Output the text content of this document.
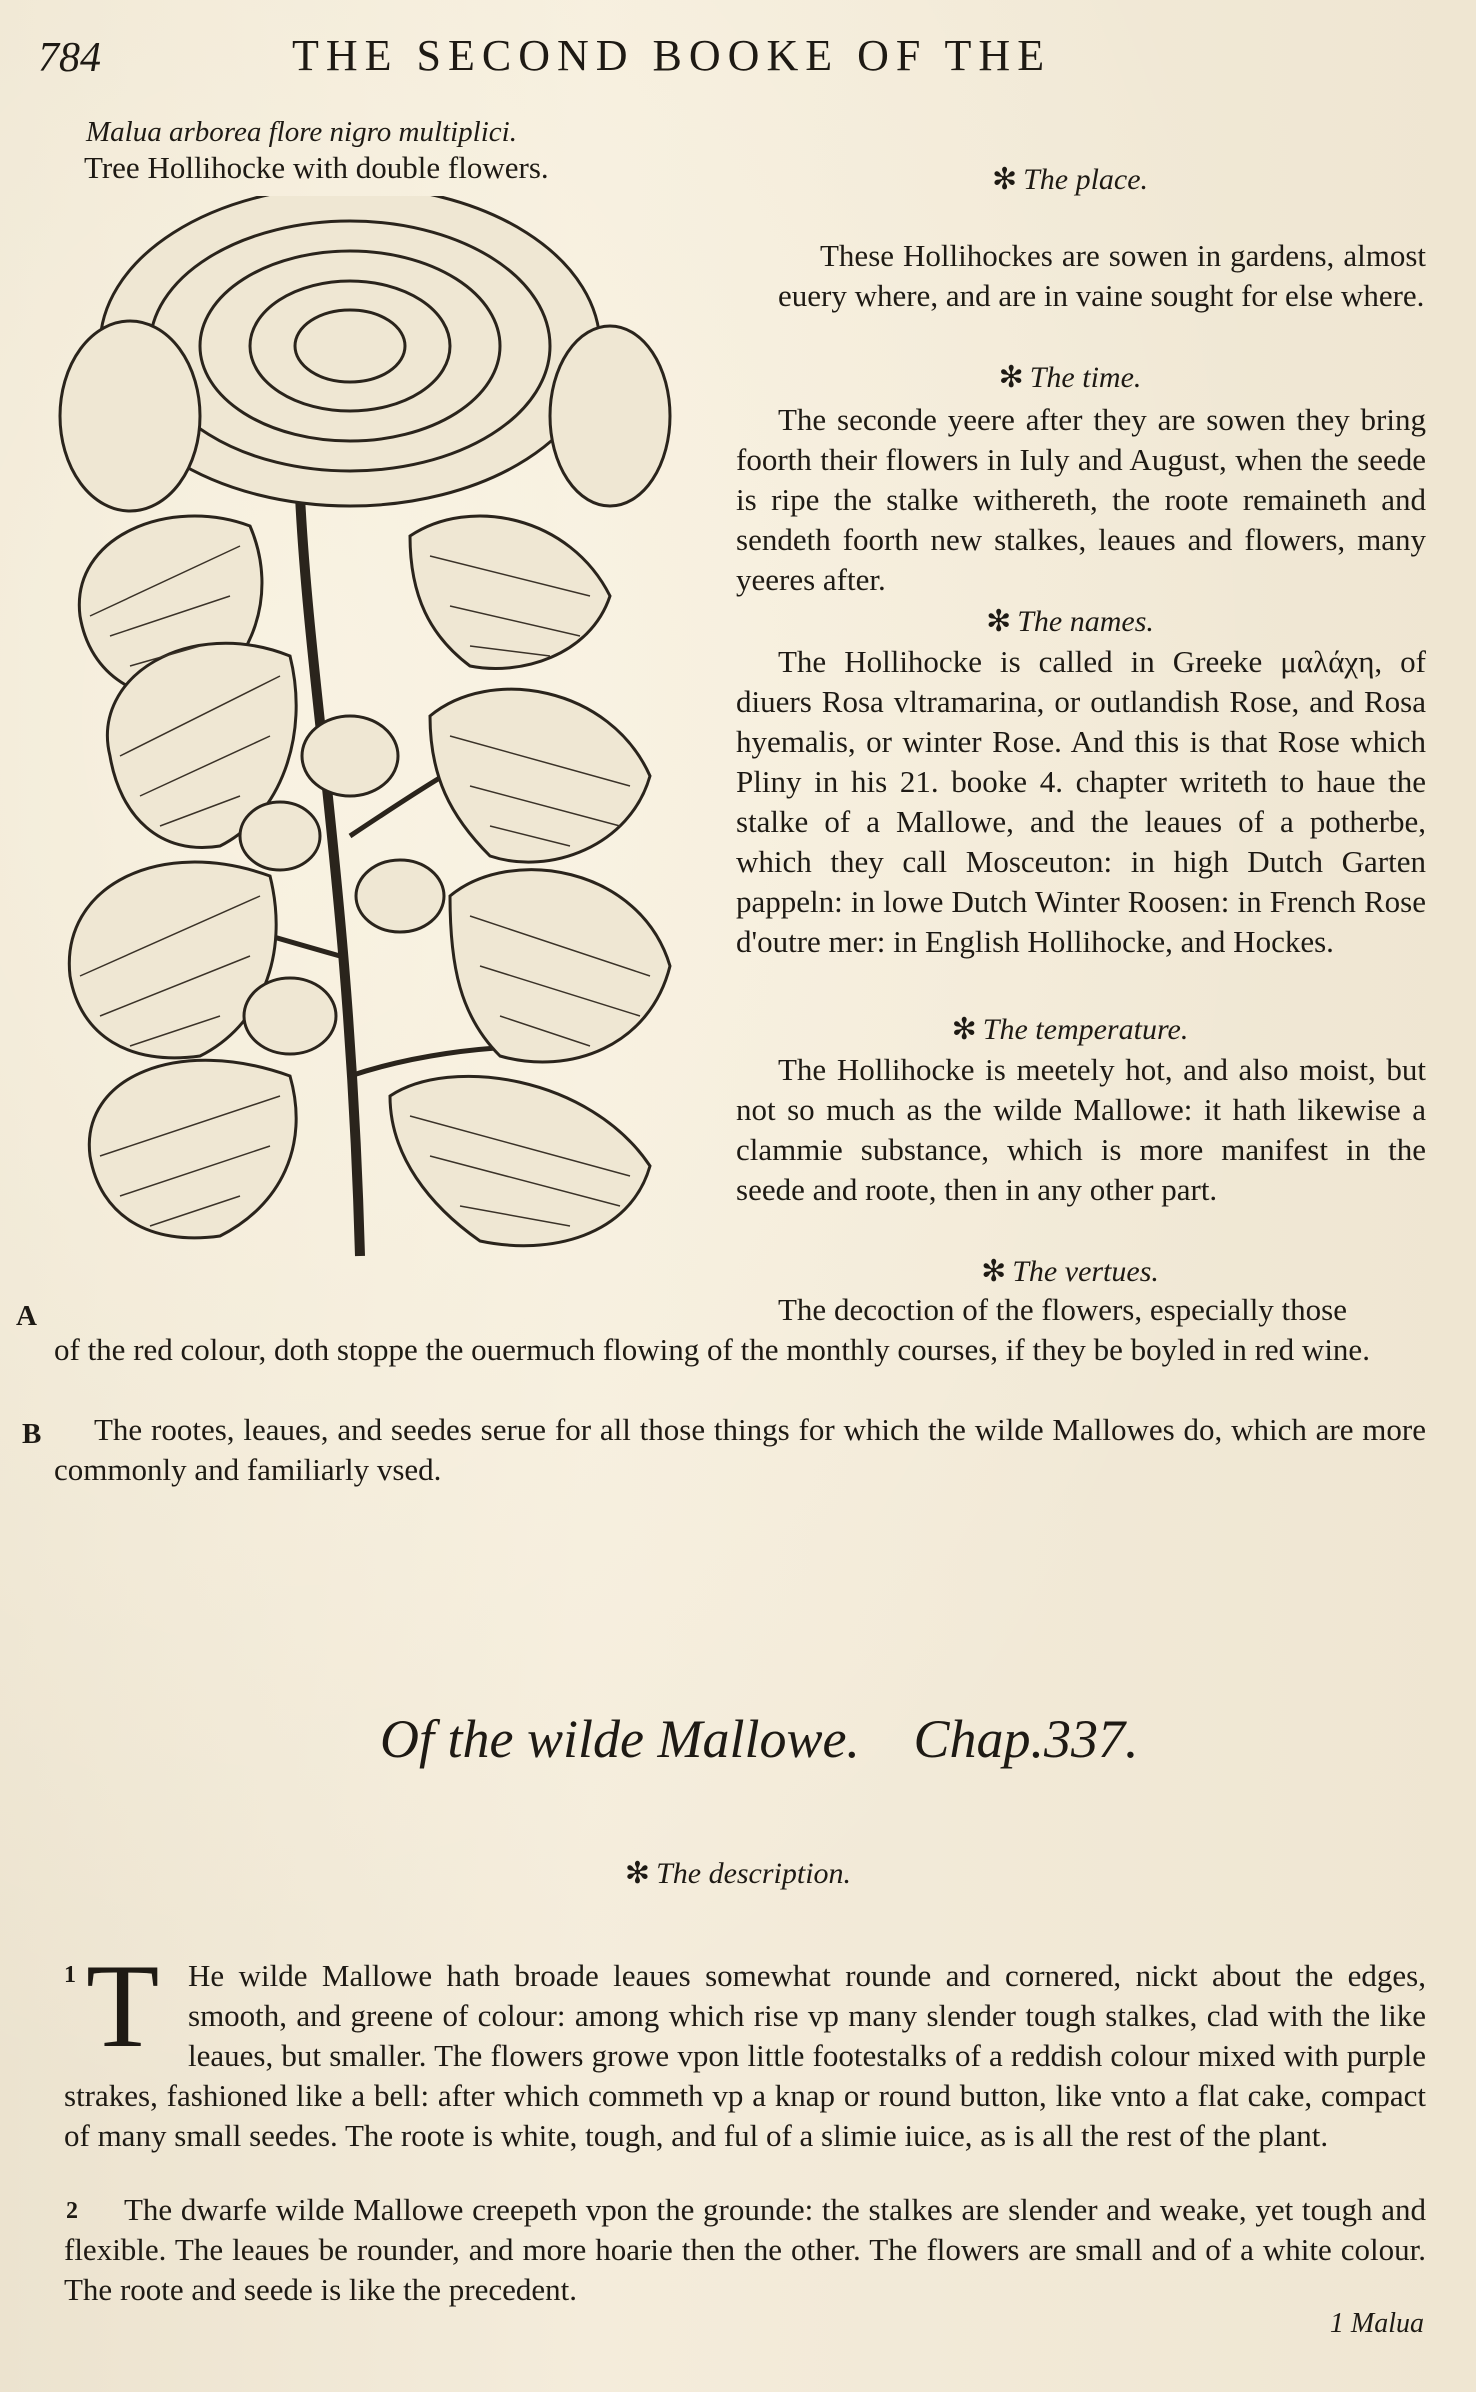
784	THE SECOND BOOKE OF THE
Malua arborea flore nigro multiplici.
Tree Hollihocke with double flowers.	✻ The place.

These Hollihockes are sowen in gardens, almost euery where, and are in vaine sought for else where.

✻ The time.

The seconde yeere after they are sowen they bring foorth their flowers in Iuly and August, when the seede is ripe the stalke withereth, the roote remaineth and sendeth foorth new stalkes, leaues and flowers, many yeeres after.

✻ The names.

The Hollihocke is called in Greeke μαλάχη, of diuers Rosa vltramarina, or outlandish Rose, and Rosa hyemalis, or winter Rose. And this is that Rose which Pliny in his 21. booke 4. chapter writeth to haue the stalke of a Mallowe, and the leaues of a potherbe, which they call Mosceuton: in high Dutch Garten pappeln: in lowe Dutch Winter Roosen: in French Rose d'outre mer: in English Hollihocke, and Hockes.

✻ The temperature.

The Hollihocke is meetely hot, and also moist, but not so much as the wilde Mallowe: it hath likewise a clammie substance, which is more manifest in the seede and roote, then in any other part.

✻ The vertues.
A	The decoction of the flowers, especially those

of the red colour, doth stoppe the ouermuch flowing of the monthly courses, if they be boyled in red wine.

B	The rootes, leaues, and seedes serue for all those things for which the wilde Mallowes do, which are more commonly and familiarly vsed.

Of the wilde Mallowe. Chap.337.
✻ The description.
1 T He wilde Mallowe hath broade leaues somewhat rounde and cornered, nickt about the edges, smooth, and greene of colour: among which rise vp many slender tough stalkes, clad with the like leaues, but smaller. The flowers growe vpon little footestalks of a reddish colour mixed with purple strakes, fashioned like a bell: after which commeth vp a knap or round button, like vnto a flat cake, compact of many small seedes. The roote is white, tough, and ful of a slimie iuice, as is all the rest of the plant.

2	The dwarfe wilde Mallowe creepeth vpon the grounde: the stalkes are slender and weake, yet tough and flexible. The leaues be rounder, and more hoarie then the other. The flowers are small and of a white colour. The roote and seede is like the precedent.

1 Malua
